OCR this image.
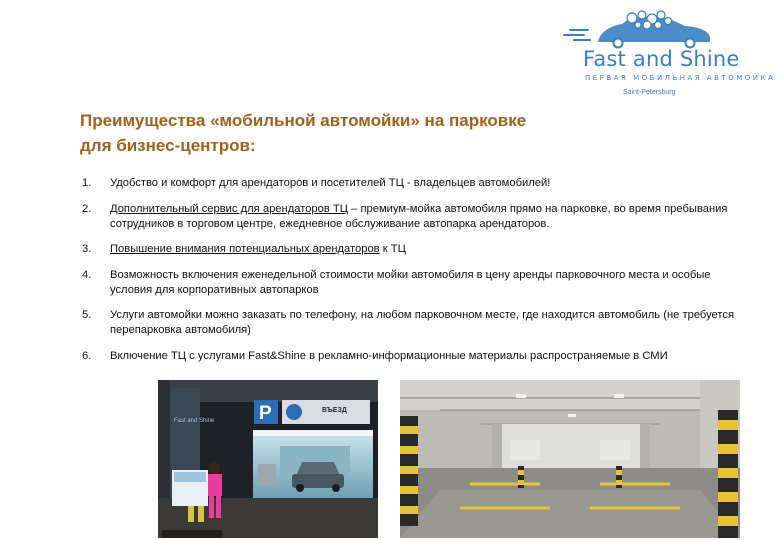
Fast and Shine
ПЕРВАЯ МОБИЛЬНАЯ АВТОМОЙКА
Saint-Petersburg
Преимущества «мобильной автомойки» на парковке
для бизнес-центров:
1. Удобство и комфорт для арендаторов и посетителей ТЦ - владельцев автомобилей!
2. Дополнительный сервис для арендаторов ТЦ – премиум-мойка автомобиля прямо на парковке, во время пребывания сотрудников в торговом центре, ежедневное обслуживание автопарка арендаторов.
3. Повышение внимания потенциальных арендаторов к ТЦ
4. Возможность включения еженедельной стоимости мойки автомобиля в цену аренды парковочного места и особые условия для корпоративных автопарков
5. Услуги автомойки можно заказать по телефону, на любом парковочном месте, где находится автомобиль (не требуется перепарковка автомобиля)
6. Включение ТЦ с услугами Fast&Shine в рекламно-информационные материалы распространяемые в СМИ
Fast and Shine P	ВЪЕЗД
